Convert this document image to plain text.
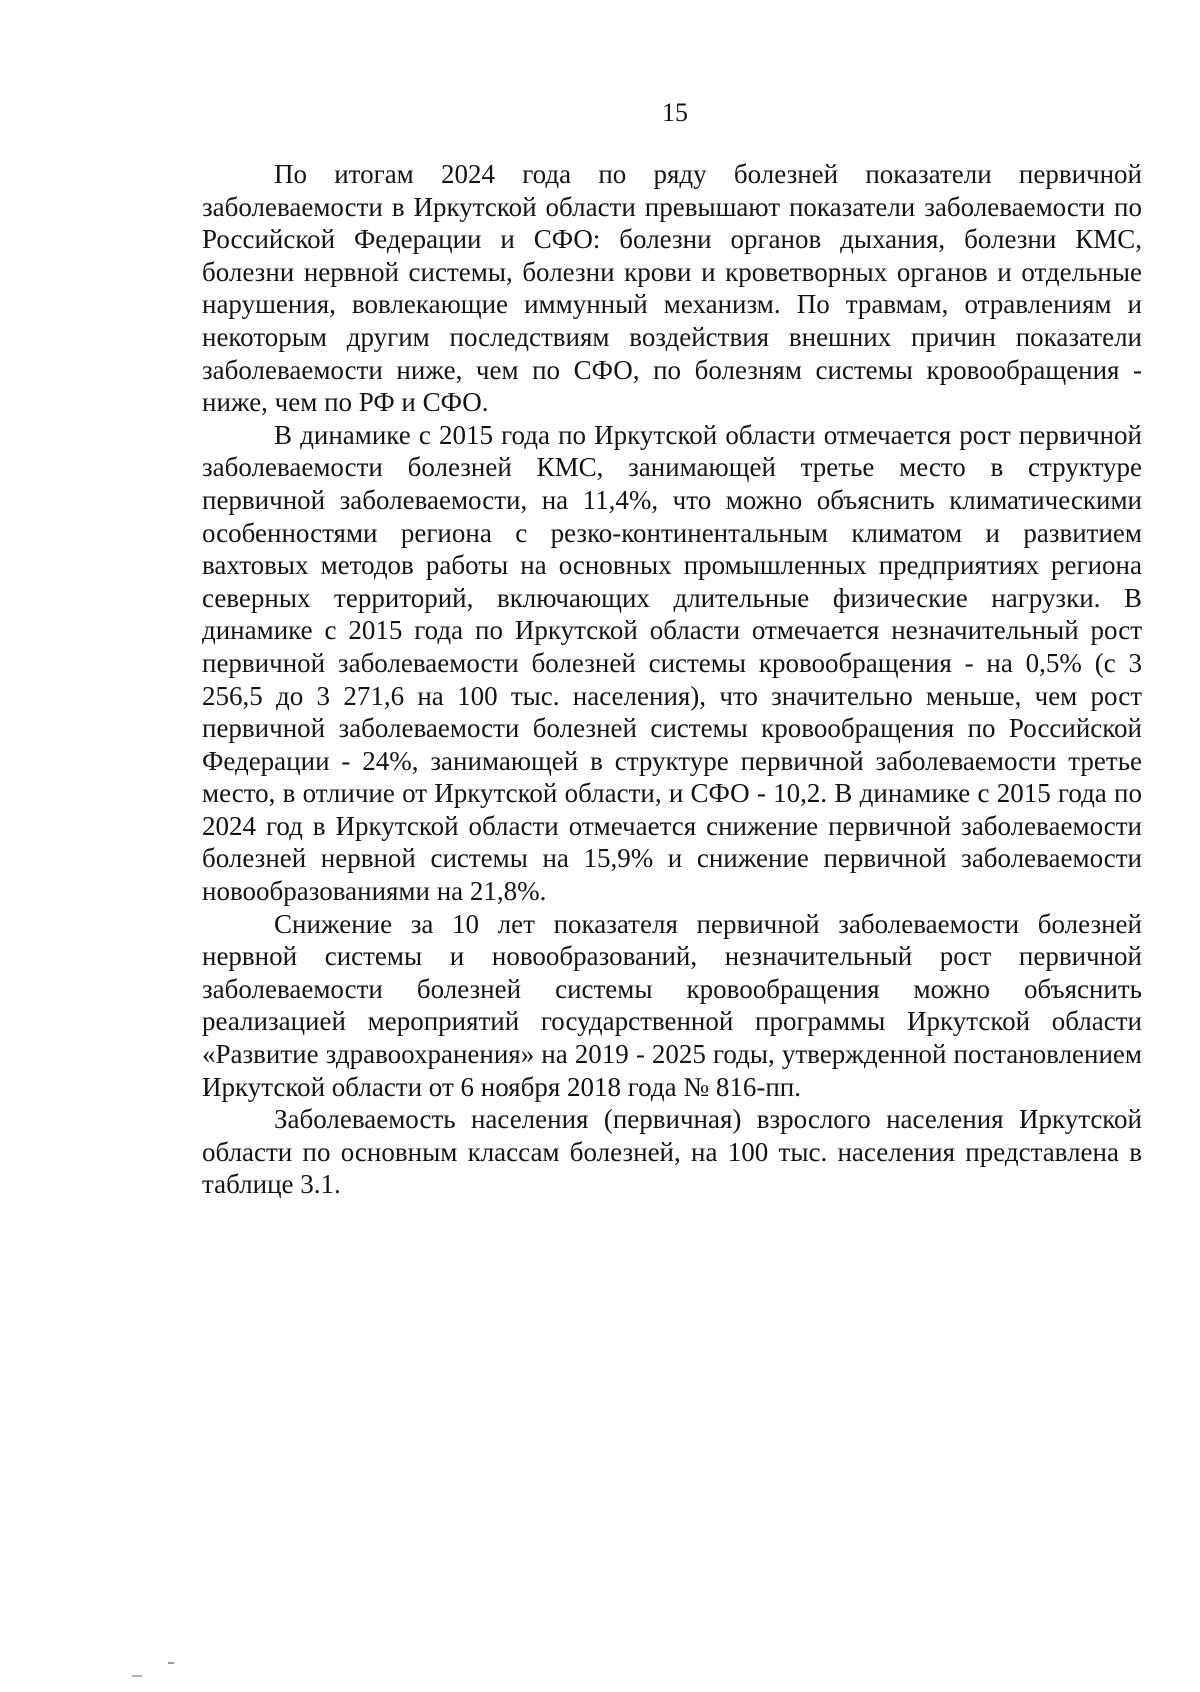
15

По итогам 2024 года по ряду болезней показатели первичной заболеваемости в Иркутской области превышают показатели заболеваемости по Российской Федерации и СФО: болезни органов дыхания, болезни КМС, болезни нервной системы, болезни крови и кроветворных органов и отдельные нарушения, вовлекающие иммунный механизм. По травмам, отравлениям и некоторым другим последствиям воздействия внешних причин показатели заболеваемости ниже, чем по СФО, по болезням системы кровообращения - ниже, чем по РФ и СФО.

В динамике с 2015 года по Иркутской области отмечается рост первичной заболеваемости болезней КМС, занимающей третье место в структуре первичной заболеваемости, на 11,4%, что можно объяснить климатическими особенностями региона с резко-континентальным климатом и развитием вахтовых методов работы на основных промышленных предприятиях региона северных территорий, включающих длительные физические нагрузки. В динамике с 2015 года по Иркутской области отмечается незначительный рост первичной заболеваемости болезней системы кровообращения - на 0,5% (с 3 256,5 до 3 271,6 на 100 тыс. населения), что значительно меньше, чем рост первичной заболеваемости болезней системы кровообращения по Российской Федерации - 24%, занимающей в структуре первичной заболеваемости третье место, в отличие от Иркутской области, и СФО - 10,2. В динамике с 2015 года по 2024 год в Иркутской области отмечается снижение первичной заболеваемости болезней нервной системы на 15,9% и снижение первичной заболеваемости новообразованиями на 21,8%.

Снижение за 10 лет показателя первичной заболеваемости болезней нервной системы и новообразований, незначительный рост первичной заболеваемости болезней системы кровообращения можно объяснить реализацией мероприятий государственной программы Иркутской области «Развитие здравоохранения» на 2019 - 2025 годы, утвержденной постановлением Иркутской области от 6 ноября 2018 года № 816-пп.

Заболеваемость населения (первичная) взрослого населения Иркутской области по основным классам болезней, на 100 тыс. населения представлена в таблице 3.1.
